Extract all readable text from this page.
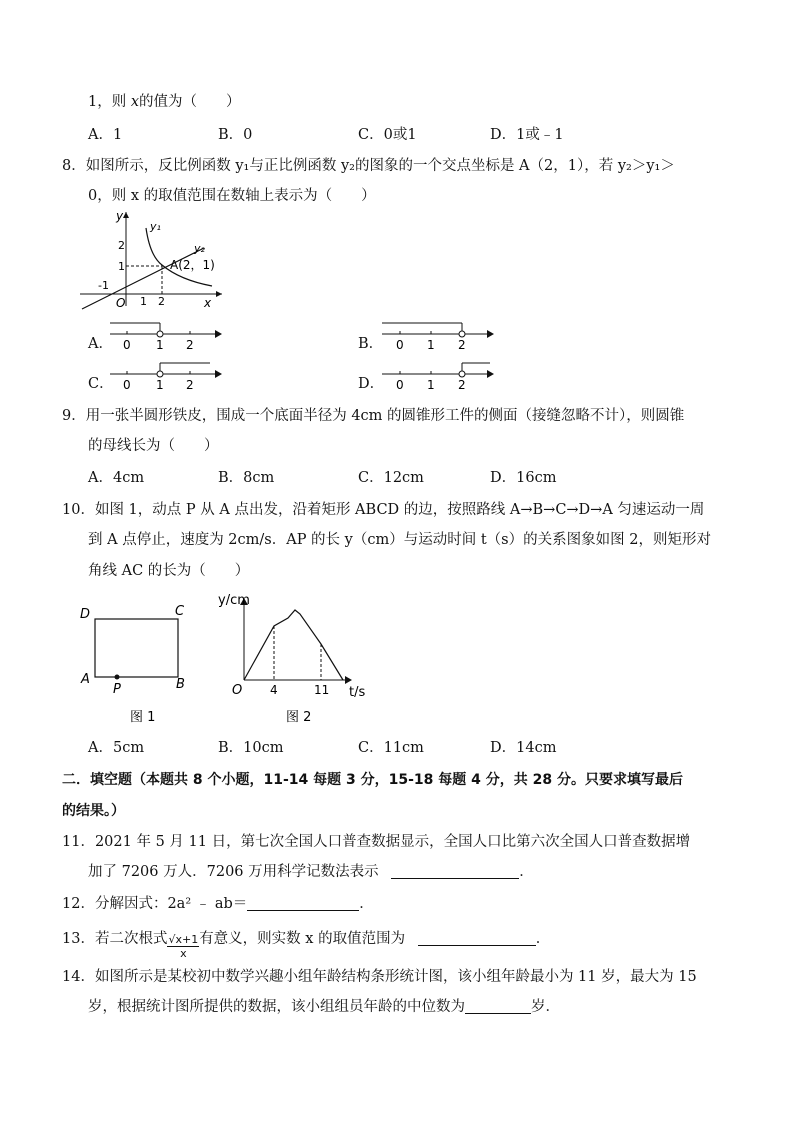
1，则 x的值为（　　）
A．1	B．0	C．0或1	D．1或﹣1
8．如图所示，反比例函数 y₁与正比例函数 y₂的图象的一个交点坐标是 A（2，1），若 y₂＞y₁＞
0，则 x 的取值范围在数轴上表示为（　　）
y
x
O
2
1
-1
1 2
y₁
y₂
A(2，1)
A． 0 1 2	B． 0 1 2
C． 0 1 2	D． 0 1 2
9．用一张半圆形铁皮，围成一个底面半径为 4cm 的圆锥形工件的侧面（接缝忽略不计），则圆锥
的母线长为（　　）
A．4cm	B．8cm	C．12cm	D．16cm
10．如图 1，动点 P 从 A 点出发，沿着矩形 ABCD 的边，按照路线 A→B→C→D→A 匀速运动一周
到 A 点停止，速度为 2cm/s．AP 的长 y（cm）与运动时间 t（s）的关系图象如图 2，则矩形对
角线 AC 的长为（　　）
D	C
A	B
P
图 1
y/cm
t/s
O 4	11
图 2
A．5cm	B．10cm	C．11cm	D．14cm
二．填空题（本题共 8 个小题，11-14 每题 3 分，15-18 每题 4 分，共 28 分。只要求填写最后
的结果。）
11．2021 年 5 月 11 日，第七次全国人口普查数据显示，全国人口比第六次全国人口普查数据增
加了 7206 万人．7206 万用科学记数法表示	．
12．分解因式：2a² ﹣ ab＝	．
13．若二次根式 $\frac{√x+1}{x}$ 有意义，则实数 x 的取值范围为	．
14．如图所示是某校初中数学兴趣小组年龄结构条形统计图，该小组年龄最小为 11 岁，最大为 15
岁，根据统计图所提供的数据，该小组组员年龄的中位数为	岁．
